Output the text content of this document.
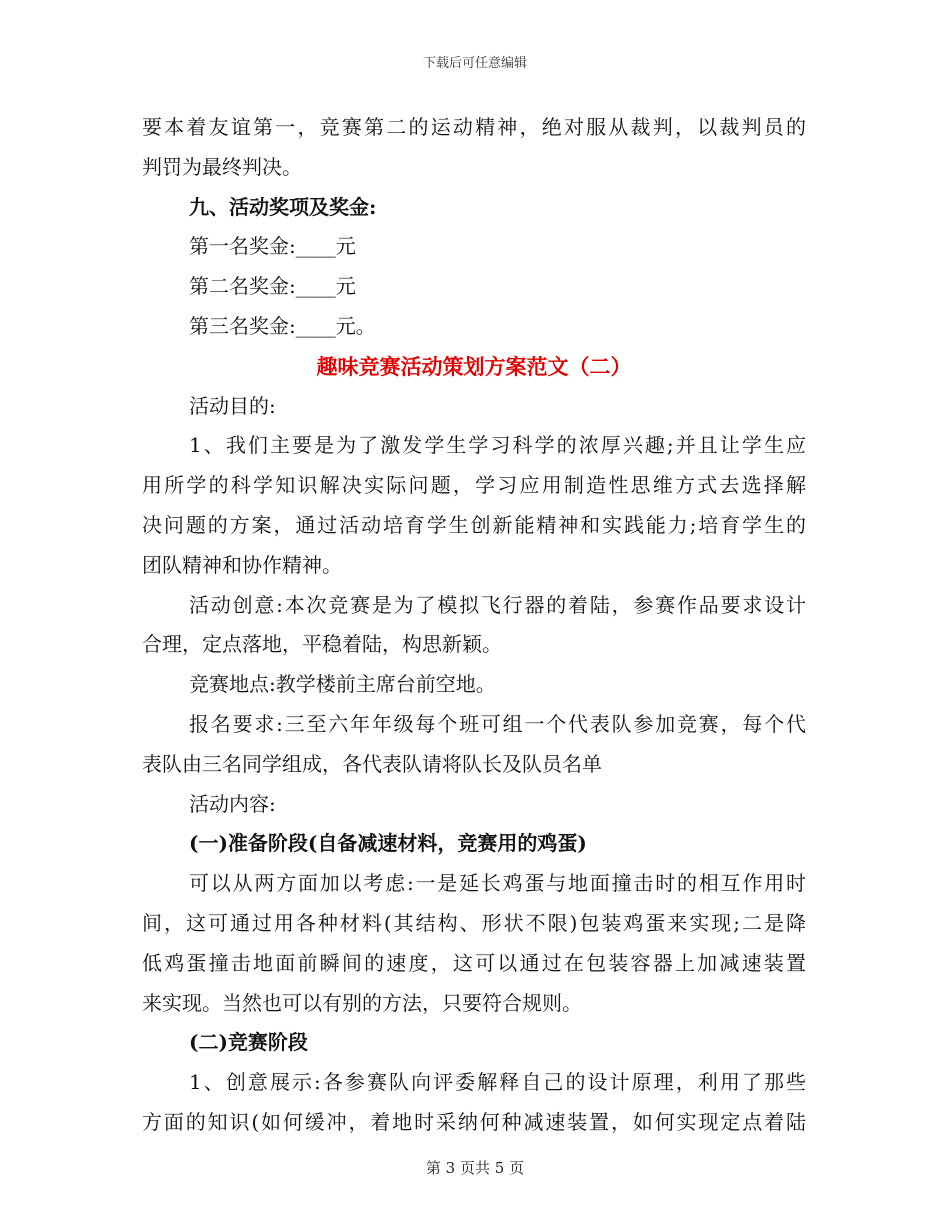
下载后可任意编辑
要本着友谊第一，竞赛第二的运动精神，绝对服从裁判，以裁判员的
判罚为最终判决。
九、活动奖项及奖金:
第一名奖金:____元
第二名奖金:____元
第三名奖金:____元。
趣味竞赛活动策划方案范文（二）
活动目的:
1、我们主要是为了激发学生学习科学的浓厚兴趣;并且让学生应
用所学的科学知识解决实际问题，学习应用制造性思维方式去选择解
决问题的方案，通过活动培育学生创新能精神和实践能力;培育学生的
团队精神和协作精神。
活动创意:本次竞赛是为了模拟飞行器的着陆，参赛作品要求设计
合理，定点落地，平稳着陆，构思新颖。
竞赛地点:教学楼前主席台前空地。
报名要求:三至六年年级每个班可组一个代表队参加竞赛，每个代
表队由三名同学组成，各代表队请将队长及队员名单
活动内容:
(一)准备阶段(自备减速材料，竞赛用的鸡蛋)
可以从两方面加以考虑:一是延长鸡蛋与地面撞击时的相互作用时
间，这可通过用各种材料(其结构、形状不限)包装鸡蛋来实现;二是降
低鸡蛋撞击地面前瞬间的速度，这可以通过在包装容器上加减速装置
来实现。当然也可以有别的方法，只要符合规则。
(二)竞赛阶段
1、创意展示:各参赛队向评委解释自己的设计原理，利用了那些
方面的知识(如何缓冲，着地时采纳何种减速装置，如何实现定点着陆
第 3 页共 5 页
